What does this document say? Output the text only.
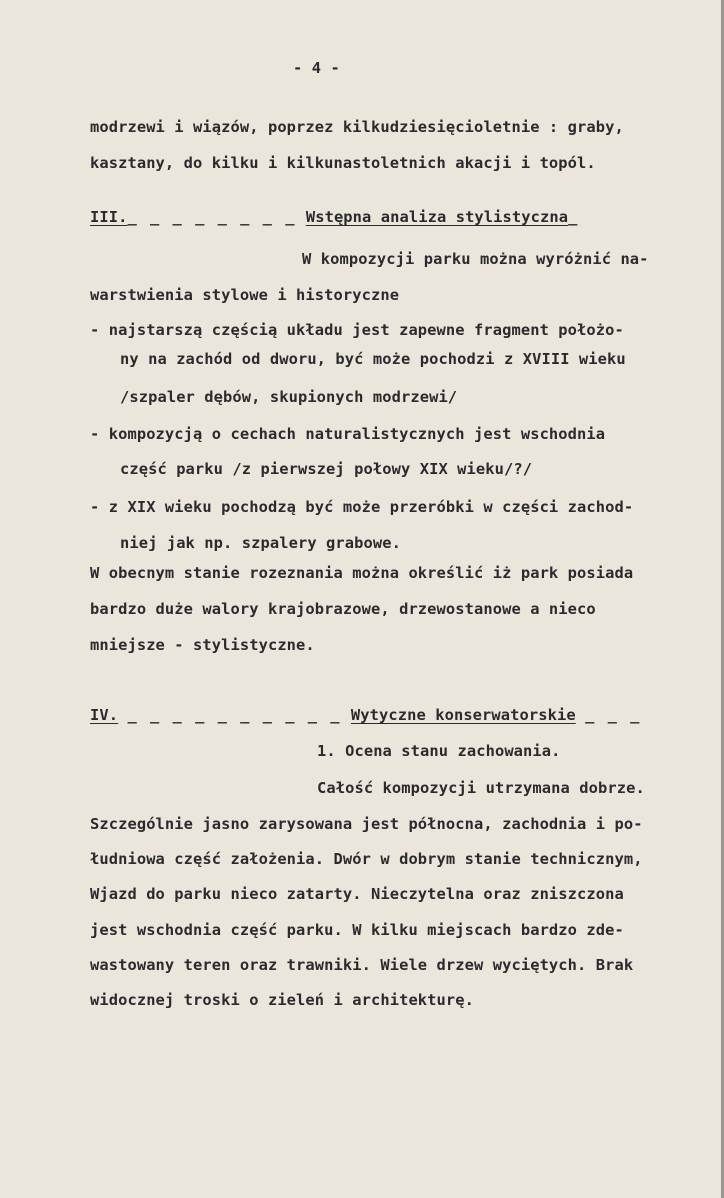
- 4 -
modrzewi i wiązów, poprzez kilkudziesięcioletnie : graby,
kasztany, do kilku i kilkunastoletnich akacji i topól.
III._ _ _ _ _ _ _ _ Wstępna analiza stylistyczna_
W kompozycji parku można wyróżnić na-
warstwienia stylowe i historyczne
- najstarszą częścią układu jest zapewne fragment położo-
ny na zachód od dworu, być może pochodzi z XVIII wieku
/szpaler dębów, skupionych modrzewi/
- kompozycją o cechach naturalistycznych jest wschodnia
część parku /z pierwszej połowy XIX wieku/?/
- z XIX wieku pochodzą być może przeróbki w części zachod-
niej jak np. szpalery grabowe.
W obecnym stanie rozeznania można określić iż park posiada
bardzo duże walory krajobrazowe, drzewostanowe a nieco
mniejsze - stylistyczne.
IV. _ _ _ _ _ _ _ _ _ _ Wytyczne konserwatorskie _ _ _
1. Ocena stanu zachowania.
Całość kompozycji utrzymana dobrze.
Szczególnie jasno zarysowana jest północna, zachodnia i po-
łudniowa część założenia. Dwór w dobrym stanie technicznym,
Wjazd do parku nieco zatarty. Nieczytelna oraz zniszczona
jest wschodnia część parku. W kilku miejscach bardzo zde-
wastowany teren oraz trawniki. Wiele drzew wyciętych. Brak
widocznej troski o zieleń i architekturę.
